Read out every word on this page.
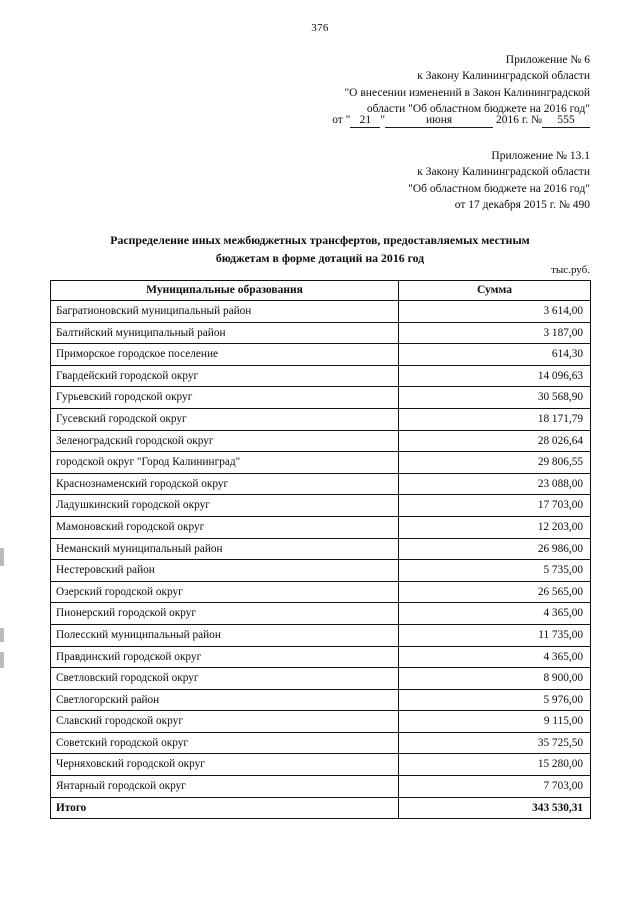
376
Приложение № 6
к Закону Калининградской области
"О внесении изменений в Закон Калининградской
области "Об областном бюджете на 2016 год"
от " 21 "	июня	2016 г. № 555
Приложение № 13.1
к Закону Калининградской области
"Об областном бюджете на 2016 год"
от 17 декабря 2015 г. № 490
Распределение иных межбюджетных трансфертов, предоставляемых местным
бюджетам в форме дотаций на 2016 год
тыс.руб.
Муниципальные образования	Сумма
Багратионовский муниципальный район	3 614,00
Балтийский муниципальный район	3 187,00
Приморское городское поселение	614,30
Гвардейский городской округ	14 096,63
Гурьевский городской округ	30 568,90
Гусевский городской округ	18 171,79
Зеленоградский городской округ	28 026,64
городской округ "Город Калининград"	29 806,55
Краснознаменский городской округ	23 088,00
Ладушкинский городской округ	17 703,00
Мамоновский городской округ	12 203,00
Неманский муниципальный район	26 986,00
Нестеровский район	5 735,00
Озерский городской округ	26 565,00
Пионерский городской округ	4 365,00
Полесский муниципальный район	11 735,00
Правдинский городской округ	4 365,00
Светловский городской округ	8 900,00
Светлогорский район	5 976,00
Славский городской округ	9 115,00
Советский городской округ	35 725,50
Черняховский городской округ	15 280,00
Янтарный городской округ	7 703,00
Итого	343 530,31
